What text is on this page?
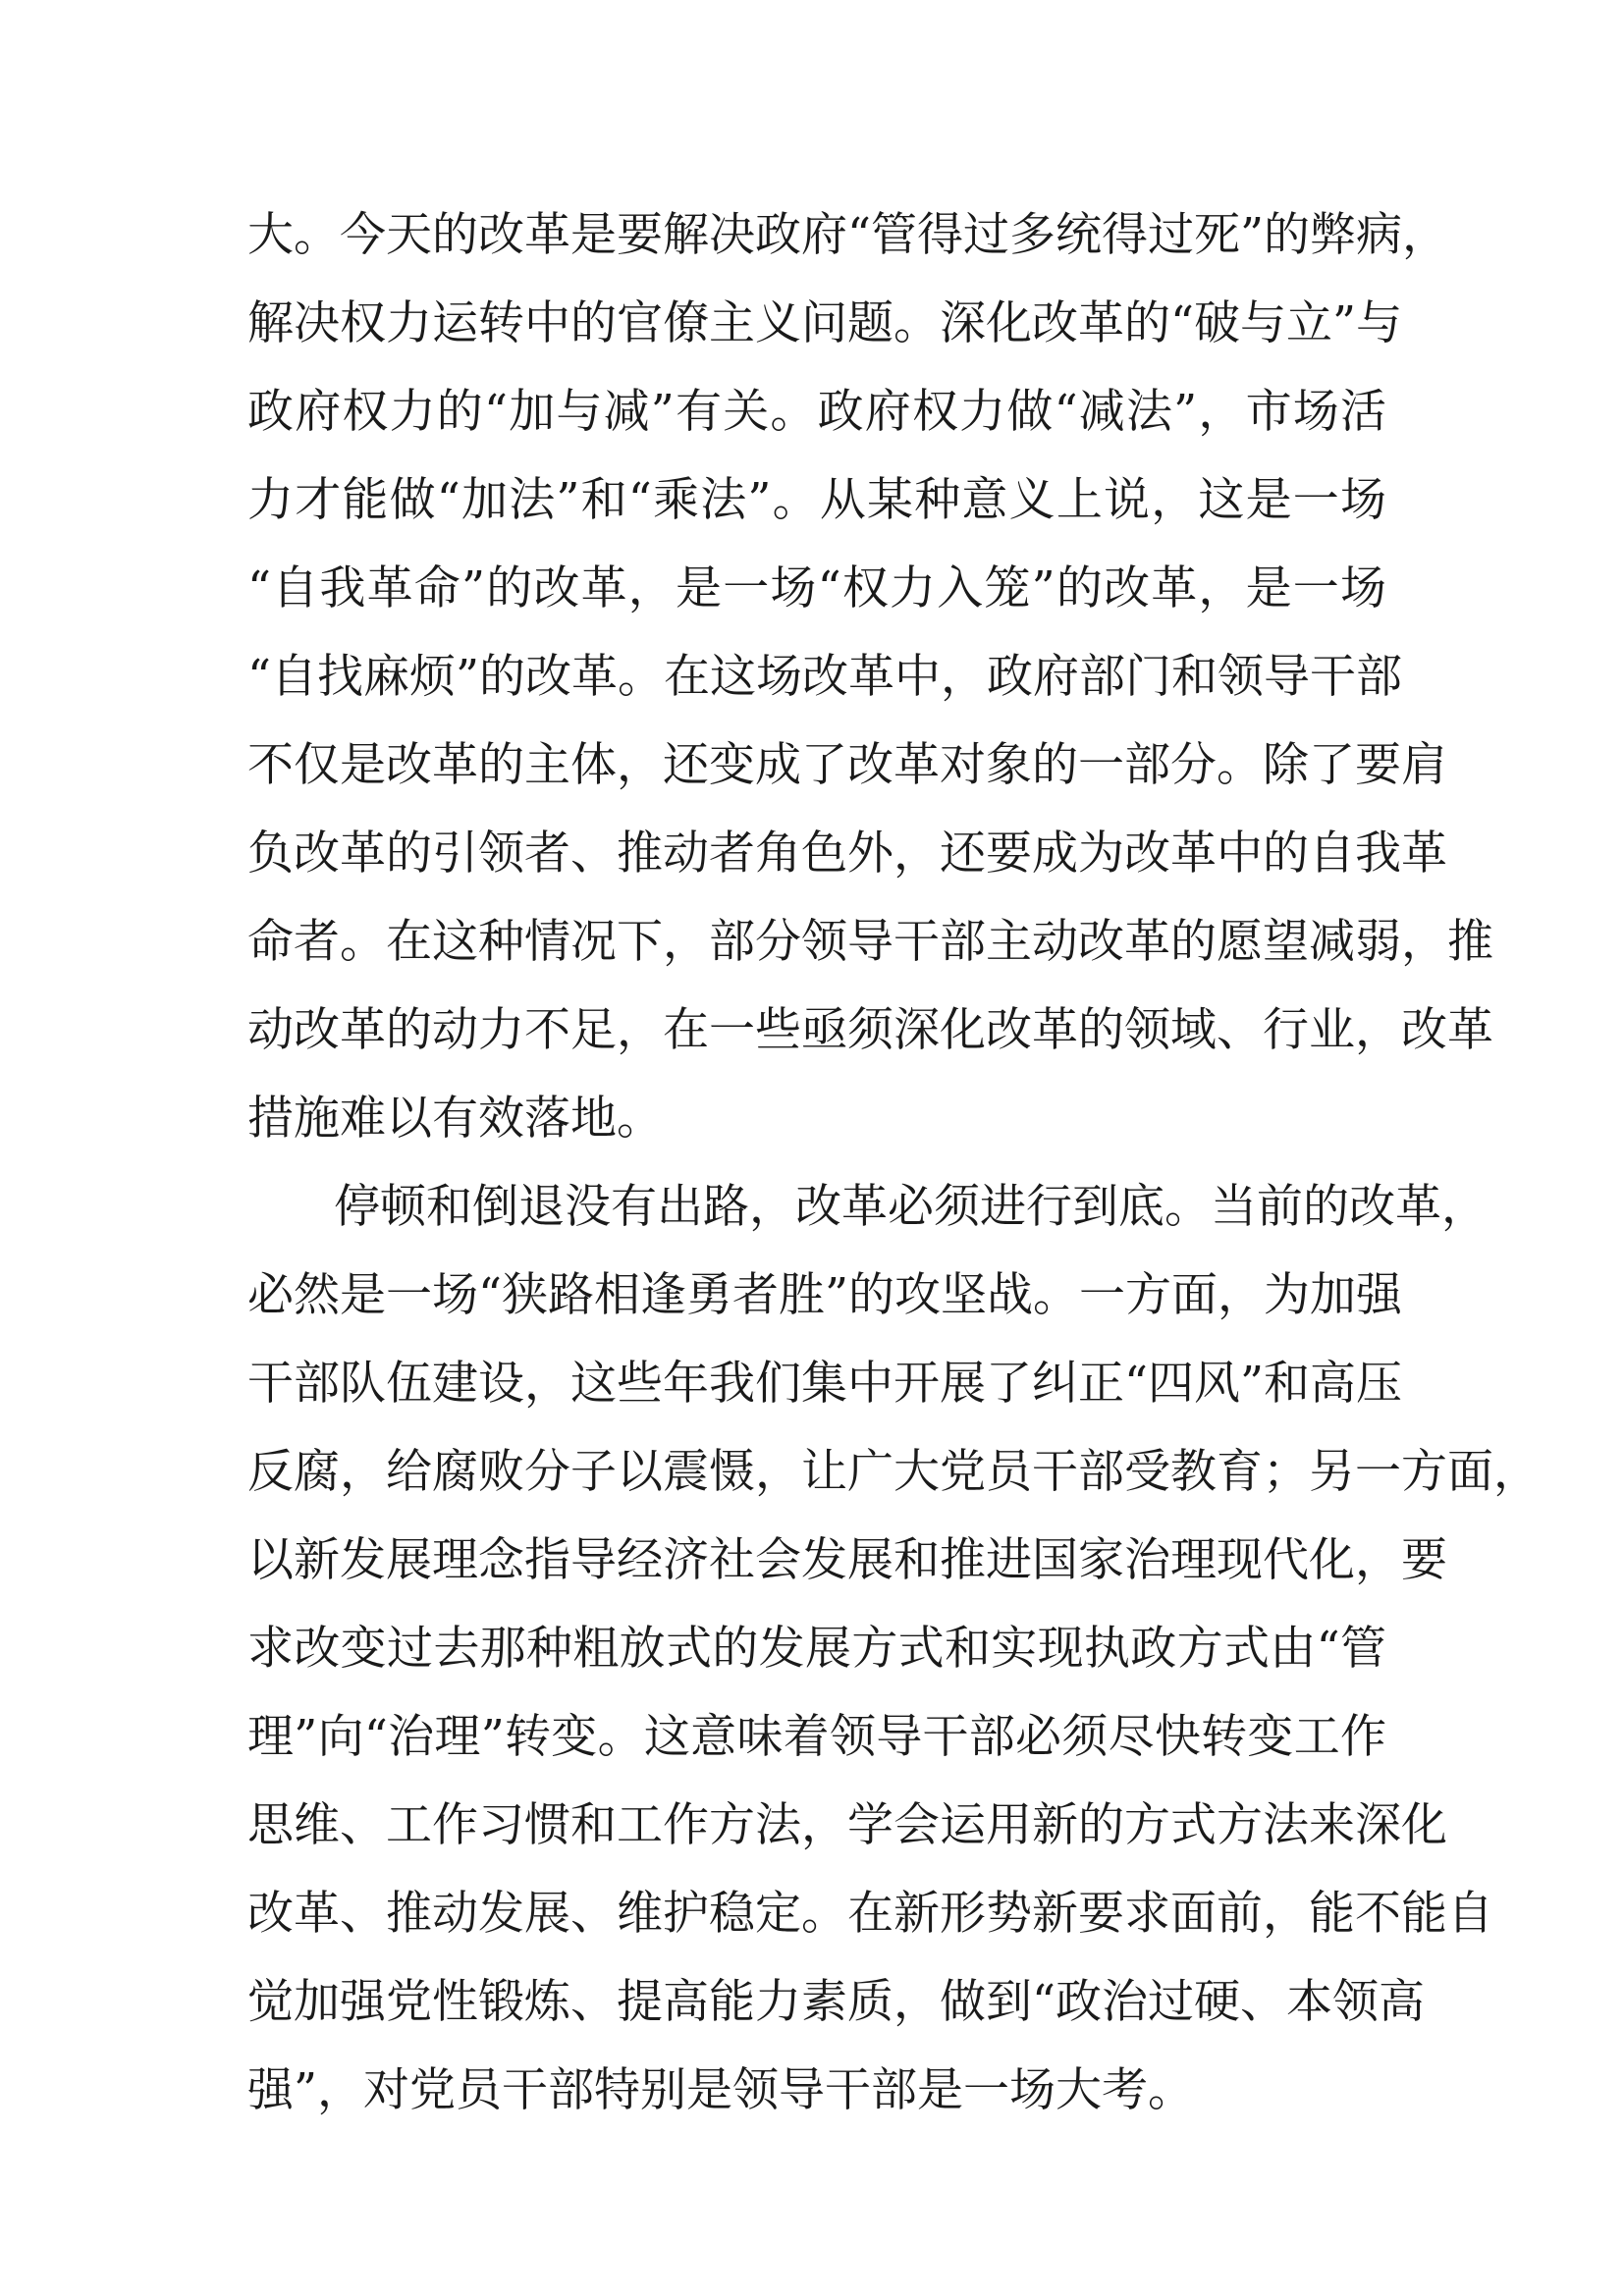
大。今天的改革是要解决政府“管得过多统得过死”的弊病，
解决权力运转中的官僚主义问题。深化改革的“破与立”与
政府权力的“加与减”有关。政府权力做“减法”，市场活
力才能做“加法”和“乘法”。从某种意义上说，这是一场
“自我革命”的改革，是一场“权力入笼”的改革，是一场
“自找麻烦”的改革。在这场改革中，政府部门和领导干部
不仅是改革的主体，还变成了改革对象的一部分。除了要肩
负改革的引领者、推动者角色外，还要成为改革中的自我革
命者。在这种情况下，部分领导干部主动改革的愿望减弱，推
动改革的动力不足，在一些亟须深化改革的领域、行业，改革
措施难以有效落地。
停顿和倒退没有出路，改革必须进行到底。当前的改革，
必然是一场“狭路相逢勇者胜”的攻坚战。一方面，为加强
干部队伍建设，这些年我们集中开展了纠正“四风”和高压
反腐，给腐败分子以震慑，让广大党员干部受教育；另一方面，
以新发展理念指导经济社会发展和推进国家治理现代化，要
求改变过去那种粗放式的发展方式和实现执政方式由“管
理”向“治理”转变。这意味着领导干部必须尽快转变工作
思维、工作习惯和工作方法，学会运用新的方式方法来深化
改革、推动发展、维护稳定。在新形势新要求面前，能不能自
觉加强党性锻炼、提高能力素质，做到“政治过硬、本领高
强”，对党员干部特别是领导干部是一场大考。
